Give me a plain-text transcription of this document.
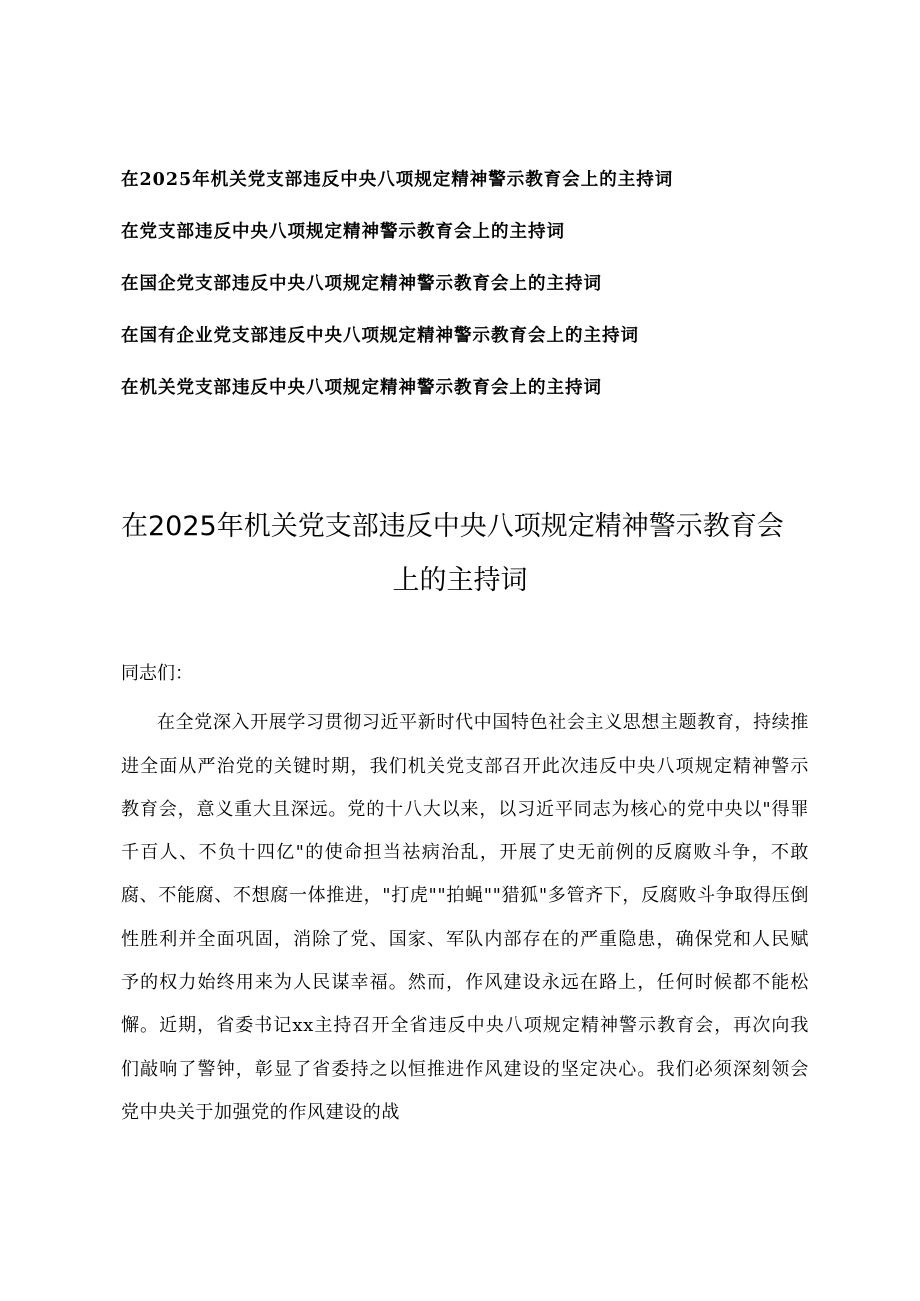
在2025年机关党支部违反中央八项规定精神警示教育会上的主持词
在党支部违反中央八项规定精神警示教育会上的主持词
在国企党支部违反中央八项规定精神警示教育会上的主持词
在国有企业党支部违反中央八项规定精神警示教育会上的主持词
在机关党支部违反中央八项规定精神警示教育会上的主持词
在2025年机关党支部违反中央八项规定精神警示教育会
上的主持词

同志们：

在全党深入开展学习贯彻习近平新时代中国特色社会主义思想主题教育，持续推进全面从严治党的关键时期，我们机关党支部召开此次违反中央八项规定精神警示教育会，意义重大且深远。党的十八大以来，以习近平同志为核心的党中央以"得罪千百人、不负十四亿"的使命担当祛病治乱，开展了史无前例的反腐败斗争，不敢腐、不能腐、不想腐一体推进，"打虎""拍蝇""猎狐"多管齐下，反腐败斗争取得压倒性胜利并全面巩固，消除了党、国家、军队内部存在的严重隐患，确保党和人民赋予的权力始终用来为人民谋幸福。然而，作风建设永远在路上，任何时候都不能松懈。近期，省委书记xx主持召开全省违反中央八项规定精神警示教育会，再次向我们敲响了警钟，彰显了省委持之以恒推进作风建设的坚定决心。我们必须深刻领会党中央关于加强党的作风建设的战
